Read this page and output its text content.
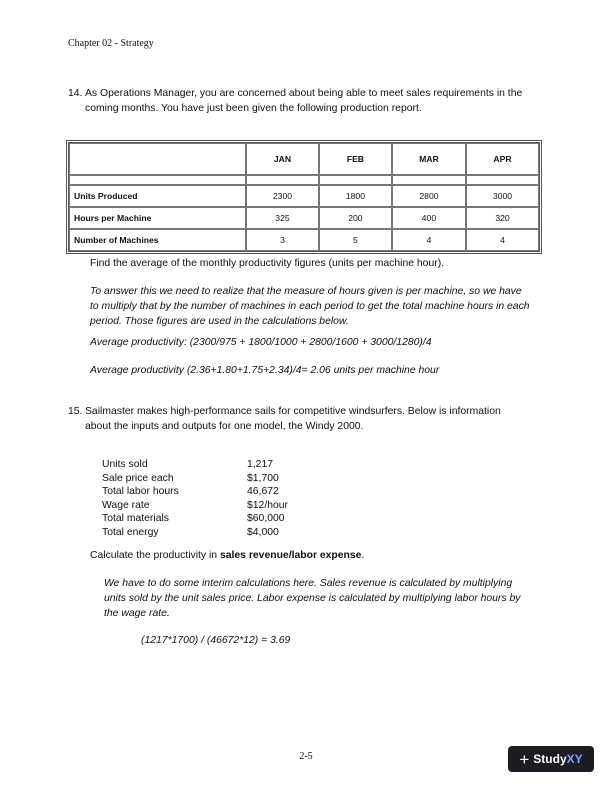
Chapter 02 - Strategy
14. As Operations Manager, you are concerned about being able to meet sales requirements in the coming months. You have just been given the following production report.
	JAN	FEB	MAR	APR

Units Produced	2300	1800	2800	3000
Hours per Machine	325	200	400	320
Number of Machines	3	5	4	4
Find the average of the monthly productivity figures (units per machine hour).
To answer this we need to realize that the measure of hours given is per machine, so we have to multiply that by the number of machines in each period to get the total machine hours in each period. Those figures are used in the calculations below.
Average productivity: (2300/975 + 1800/1000 + 2800/1600 + 3000/1280)/4
Average productivity (2.36+1.80+1.75+2.34)/4= 2.06 units per machine hour
15. Sailmaster makes high-performance sails for competitive windsurfers. Below is information about the inputs and outputs for one model, the Windy 2000.
Units sold	1,217
Sale price each	$1,700
Total labor hours	46,672
Wage rate	$12/hour
Total materials	$60,000
Total energy	$4,000
Calculate the productivity in sales revenue/labor expense.
We have to do some interim calculations here. Sales revenue is calculated by multiplying units sold by the unit sales price. Labor expense is calculated by multiplying labor hours by the wage rate.
(1217*1700) / (46672*12) = 3.69
2-5	+ Study XY
